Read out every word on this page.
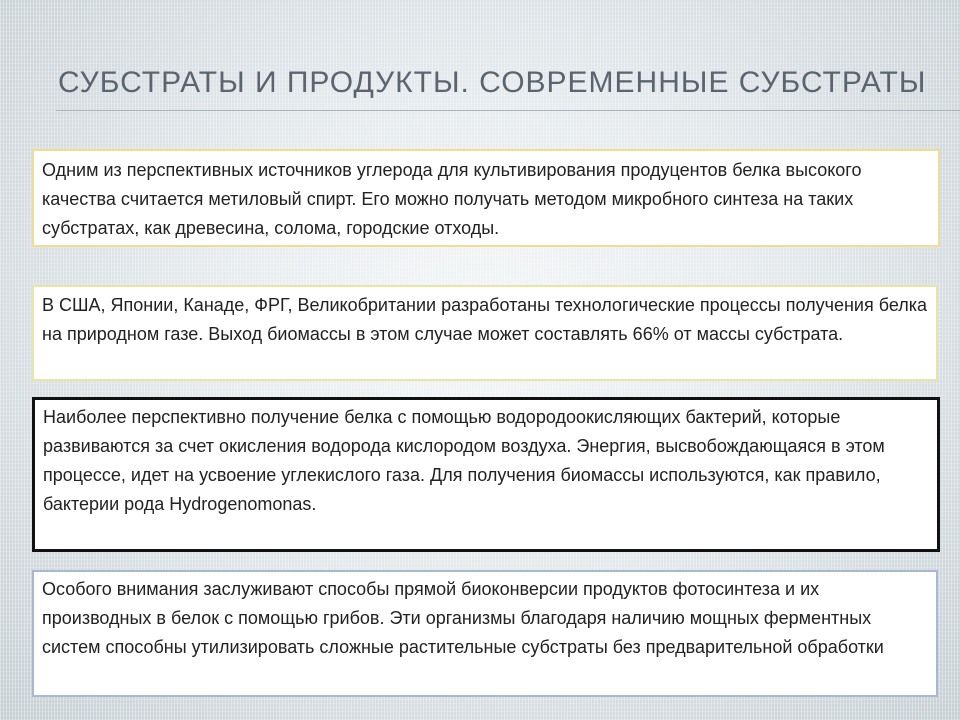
СУБСТРАТЫ И ПРОДУКТЫ. СОВРЕМЕННЫЕ СУБСТРАТЫ

Одним из перспективных источников углерода для культивирования продуцентов белка высокого качества считается метиловый спирт. Его можно получать методом микробного синтеза на таких субстратах, как древесина, солома, городские отходы.

В США, Японии, Канаде, ФРГ, Великобритании разработаны технологические процессы получения белка на природном газе. Выход биомассы в этом случае может составлять 66% от массы субстрата.

Наиболее перспективно получение белка с помощью водородоокисляющих бактерий, которые развиваются за счет окисления водорода кислородом воздуха. Энергия, высвобождающаяся в этом процессе, идет на усвоение углекислого газа. Для получения биомассы используются, как правило, бактерии рода Hydrogenomonas.

Особого внимания заслуживают способы прямой биоконверсии продуктов фотосинтеза и их производных в белок с помощью грибов. Эти организмы благодаря наличию мощных ферментных систем способны утилизировать сложные растительные субстраты без предварительной обработки
